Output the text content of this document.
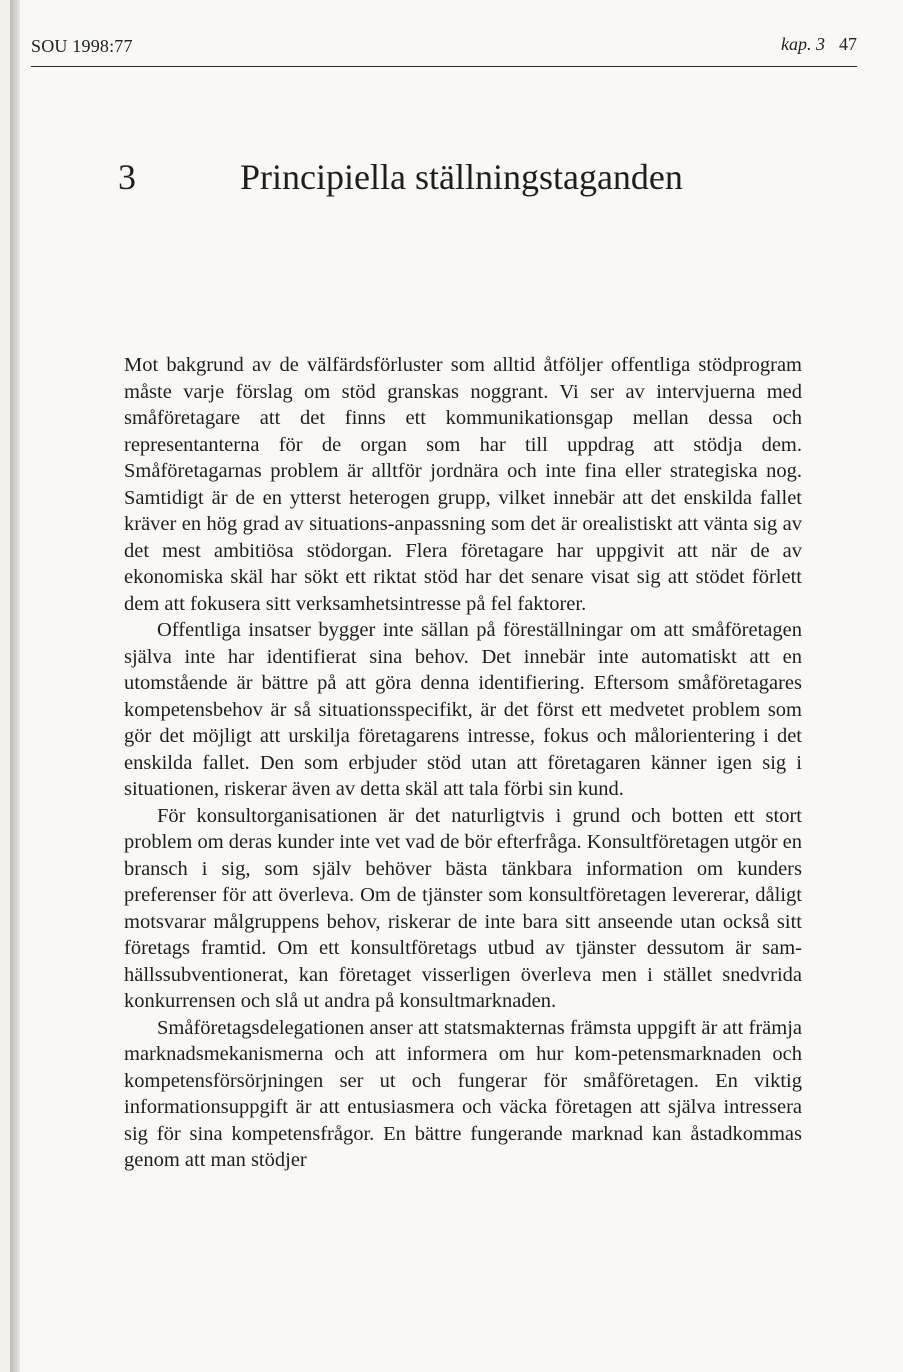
SOU 1998:77	kap. 3 47
3	Principiella ställningstaganden

Mot bakgrund av de välfärdsförluster som alltid åtföljer offentliga stödprogram måste varje förslag om stöd granskas noggrant. Vi ser av intervjuerna med småföretagare att det finns ett kommunikationsgap mellan dessa och representanterna för de organ som har till uppdrag att stödja dem. Småföretagarnas problem är alltför jordnära och inte fina eller strategiska nog. Samtidigt är de en ytterst heterogen grupp, vilket innebär att det enskilda fallet kräver en hög grad av situations-anpassning som det är orealistiskt att vänta sig av det mest ambitiösa stödorgan. Flera företagare har uppgivit att när de av ekonomiska skäl har sökt ett riktat stöd har det senare visat sig att stödet förlett dem att fokusera sitt verksamhetsintresse på fel faktorer.

Offentliga insatser bygger inte sällan på föreställningar om att småföretagen själva inte har identifierat sina behov. Det innebär inte automatiskt att en utomstående är bättre på att göra denna identifiering. Eftersom småföretagares kompetensbehov är så situationsspecifikt, är det först ett medvetet problem som gör det möjligt att urskilja företagarens intresse, fokus och målorientering i det enskilda fallet. Den som erbjuder stöd utan att företagaren känner igen sig i situationen, riskerar även av detta skäl att tala förbi sin kund.

För konsultorganisationen är det naturligtvis i grund och botten ett stort problem om deras kunder inte vet vad de bör efterfråga. Konsultföretagen utgör en bransch i sig, som själv behöver bästa tänkbara information om kunders preferenser för att överleva. Om de tjänster som konsultföretagen levererar, dåligt motsvarar målgruppens behov, riskerar de inte bara sitt anseende utan också sitt företags framtid. Om ett konsultföretags utbud av tjänster dessutom är sam-hällssubventionerat, kan företaget visserligen överleva men i stället snedvrida konkurrensen och slå ut andra på konsultmarknaden.

Småföretagsdelegationen anser att statsmakternas främsta uppgift är att främja marknadsmekanismerna och att informera om hur kom-petensmarknaden och kompetensförsörjningen ser ut och fungerar för småföretagen. En viktig informationsuppgift är att entusiasmera och väcka företagen att själva intressera sig för sina kompetensfrågor. En bättre fungerande marknad kan åstadkommas genom att man stödjer
